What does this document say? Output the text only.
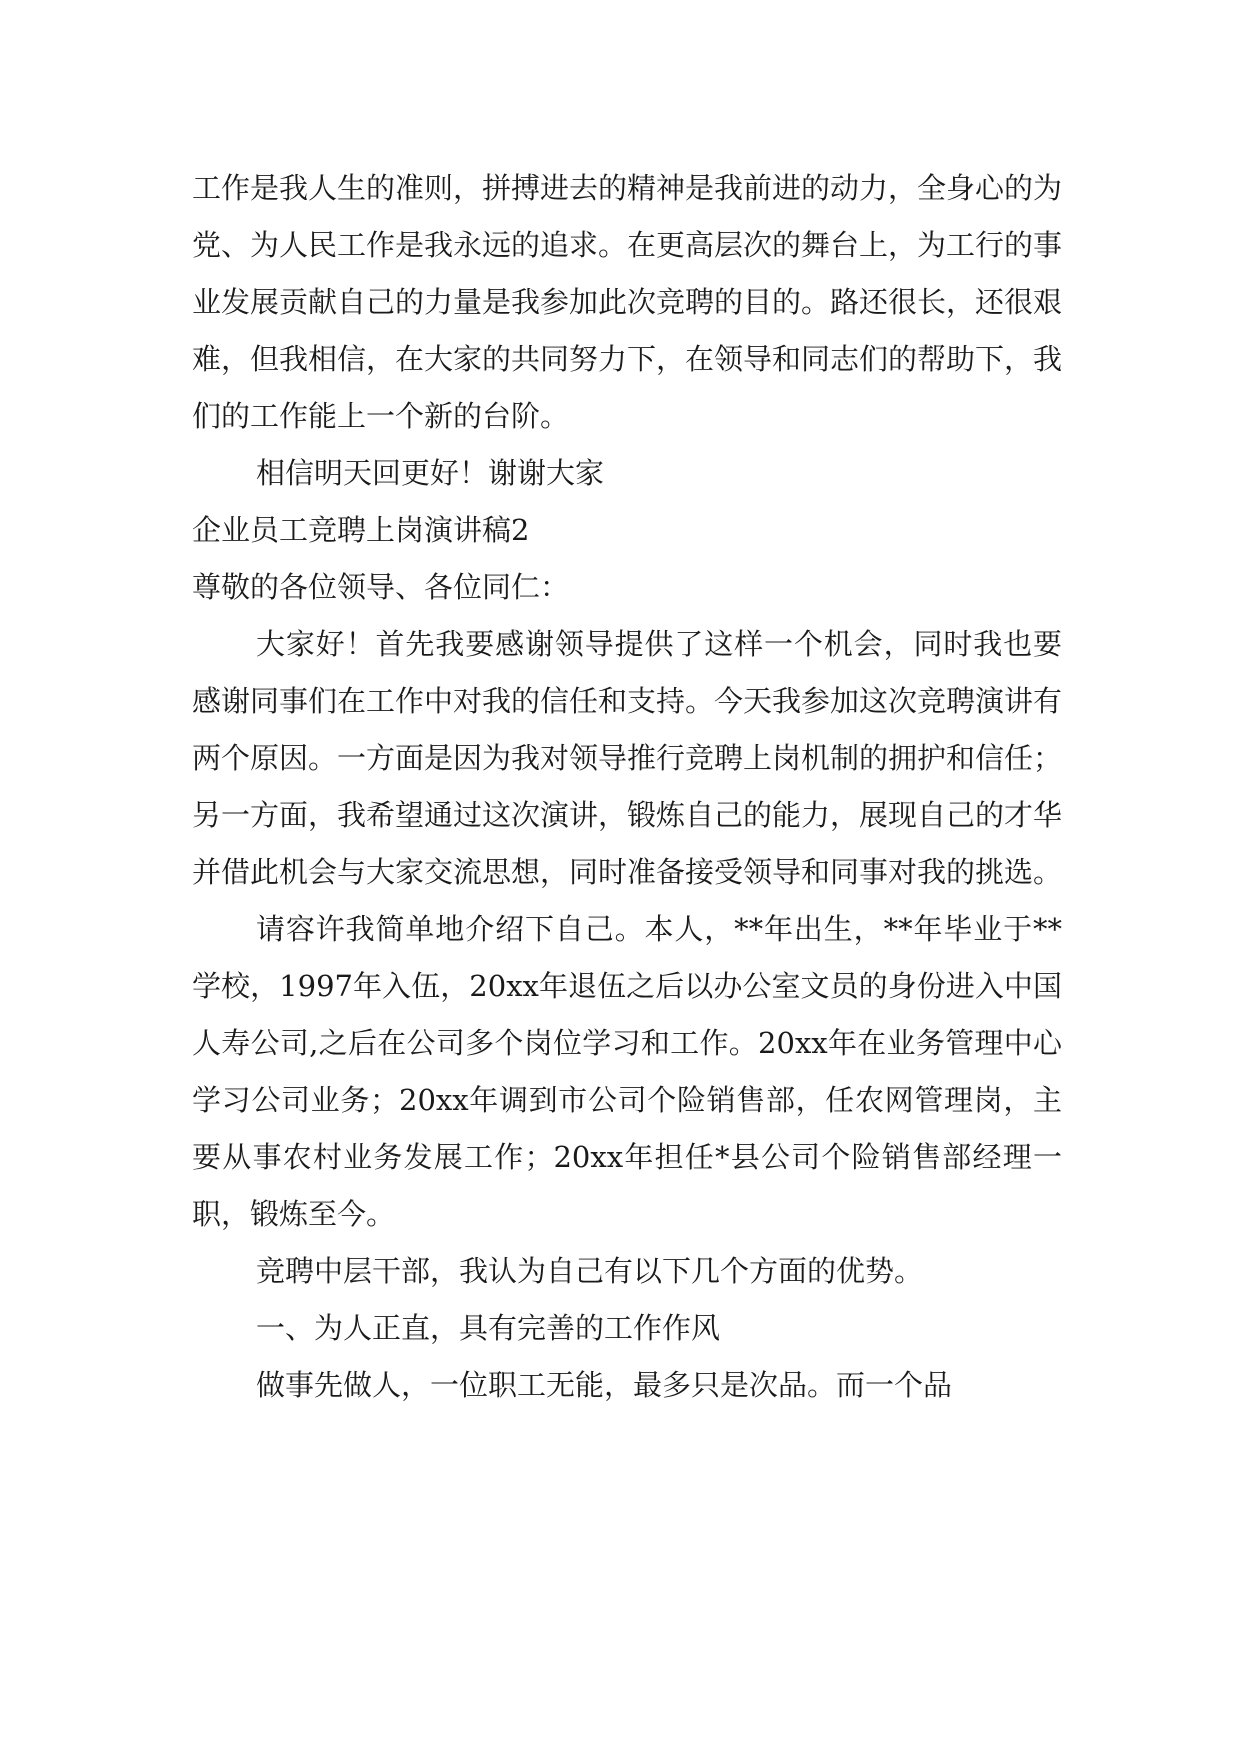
工作是我人生的准则，拼搏进去的精神是我前进的动力，全身心的为党、为人民工作是我永远的追求。在更高层次的舞台上，为工行的事业发展贡献自己的力量是我参加此次竞聘的目的。路还很长，还很艰难，但我相信，在大家的共同努力下，在领导和同志们的帮助下，我们的工作能上一个新的台阶。

相信明天回更好！谢谢大家

企业员工竞聘上岗演讲稿2

尊敬的各位领导、各位同仁：

大家好！首先我要感谢领导提供了这样一个机会，同时我也要感谢同事们在工作中对我的信任和支持。今天我参加这次竞聘演讲有两个原因。一方面是因为我对领导推行竞聘上岗机制的拥护和信任；另一方面，我希望通过这次演讲，锻炼自己的能力，展现自己的才华并借此机会与大家交流思想，同时准备接受领导和同事对我的挑选。

请容许我简单地介绍下自己。本人，**年出生，**年毕业于**学校，1997年入伍，20xx年退伍之后以办公室文员的身份进入中国人寿公司,之后在公司多个岗位学习和工作。20xx年在业务管理中心学习公司业务；20xx年调到市公司个险销售部，任农网管理岗，主要从事农村业务发展工作；20xx年担任*县公司个险销售部经理一职，锻炼至今。

竞聘中层干部，我认为自己有以下几个方面的优势。

一、为人正直，具有完善的工作作风

做事先做人，一位职工无能，最多只是次品。而一个品
